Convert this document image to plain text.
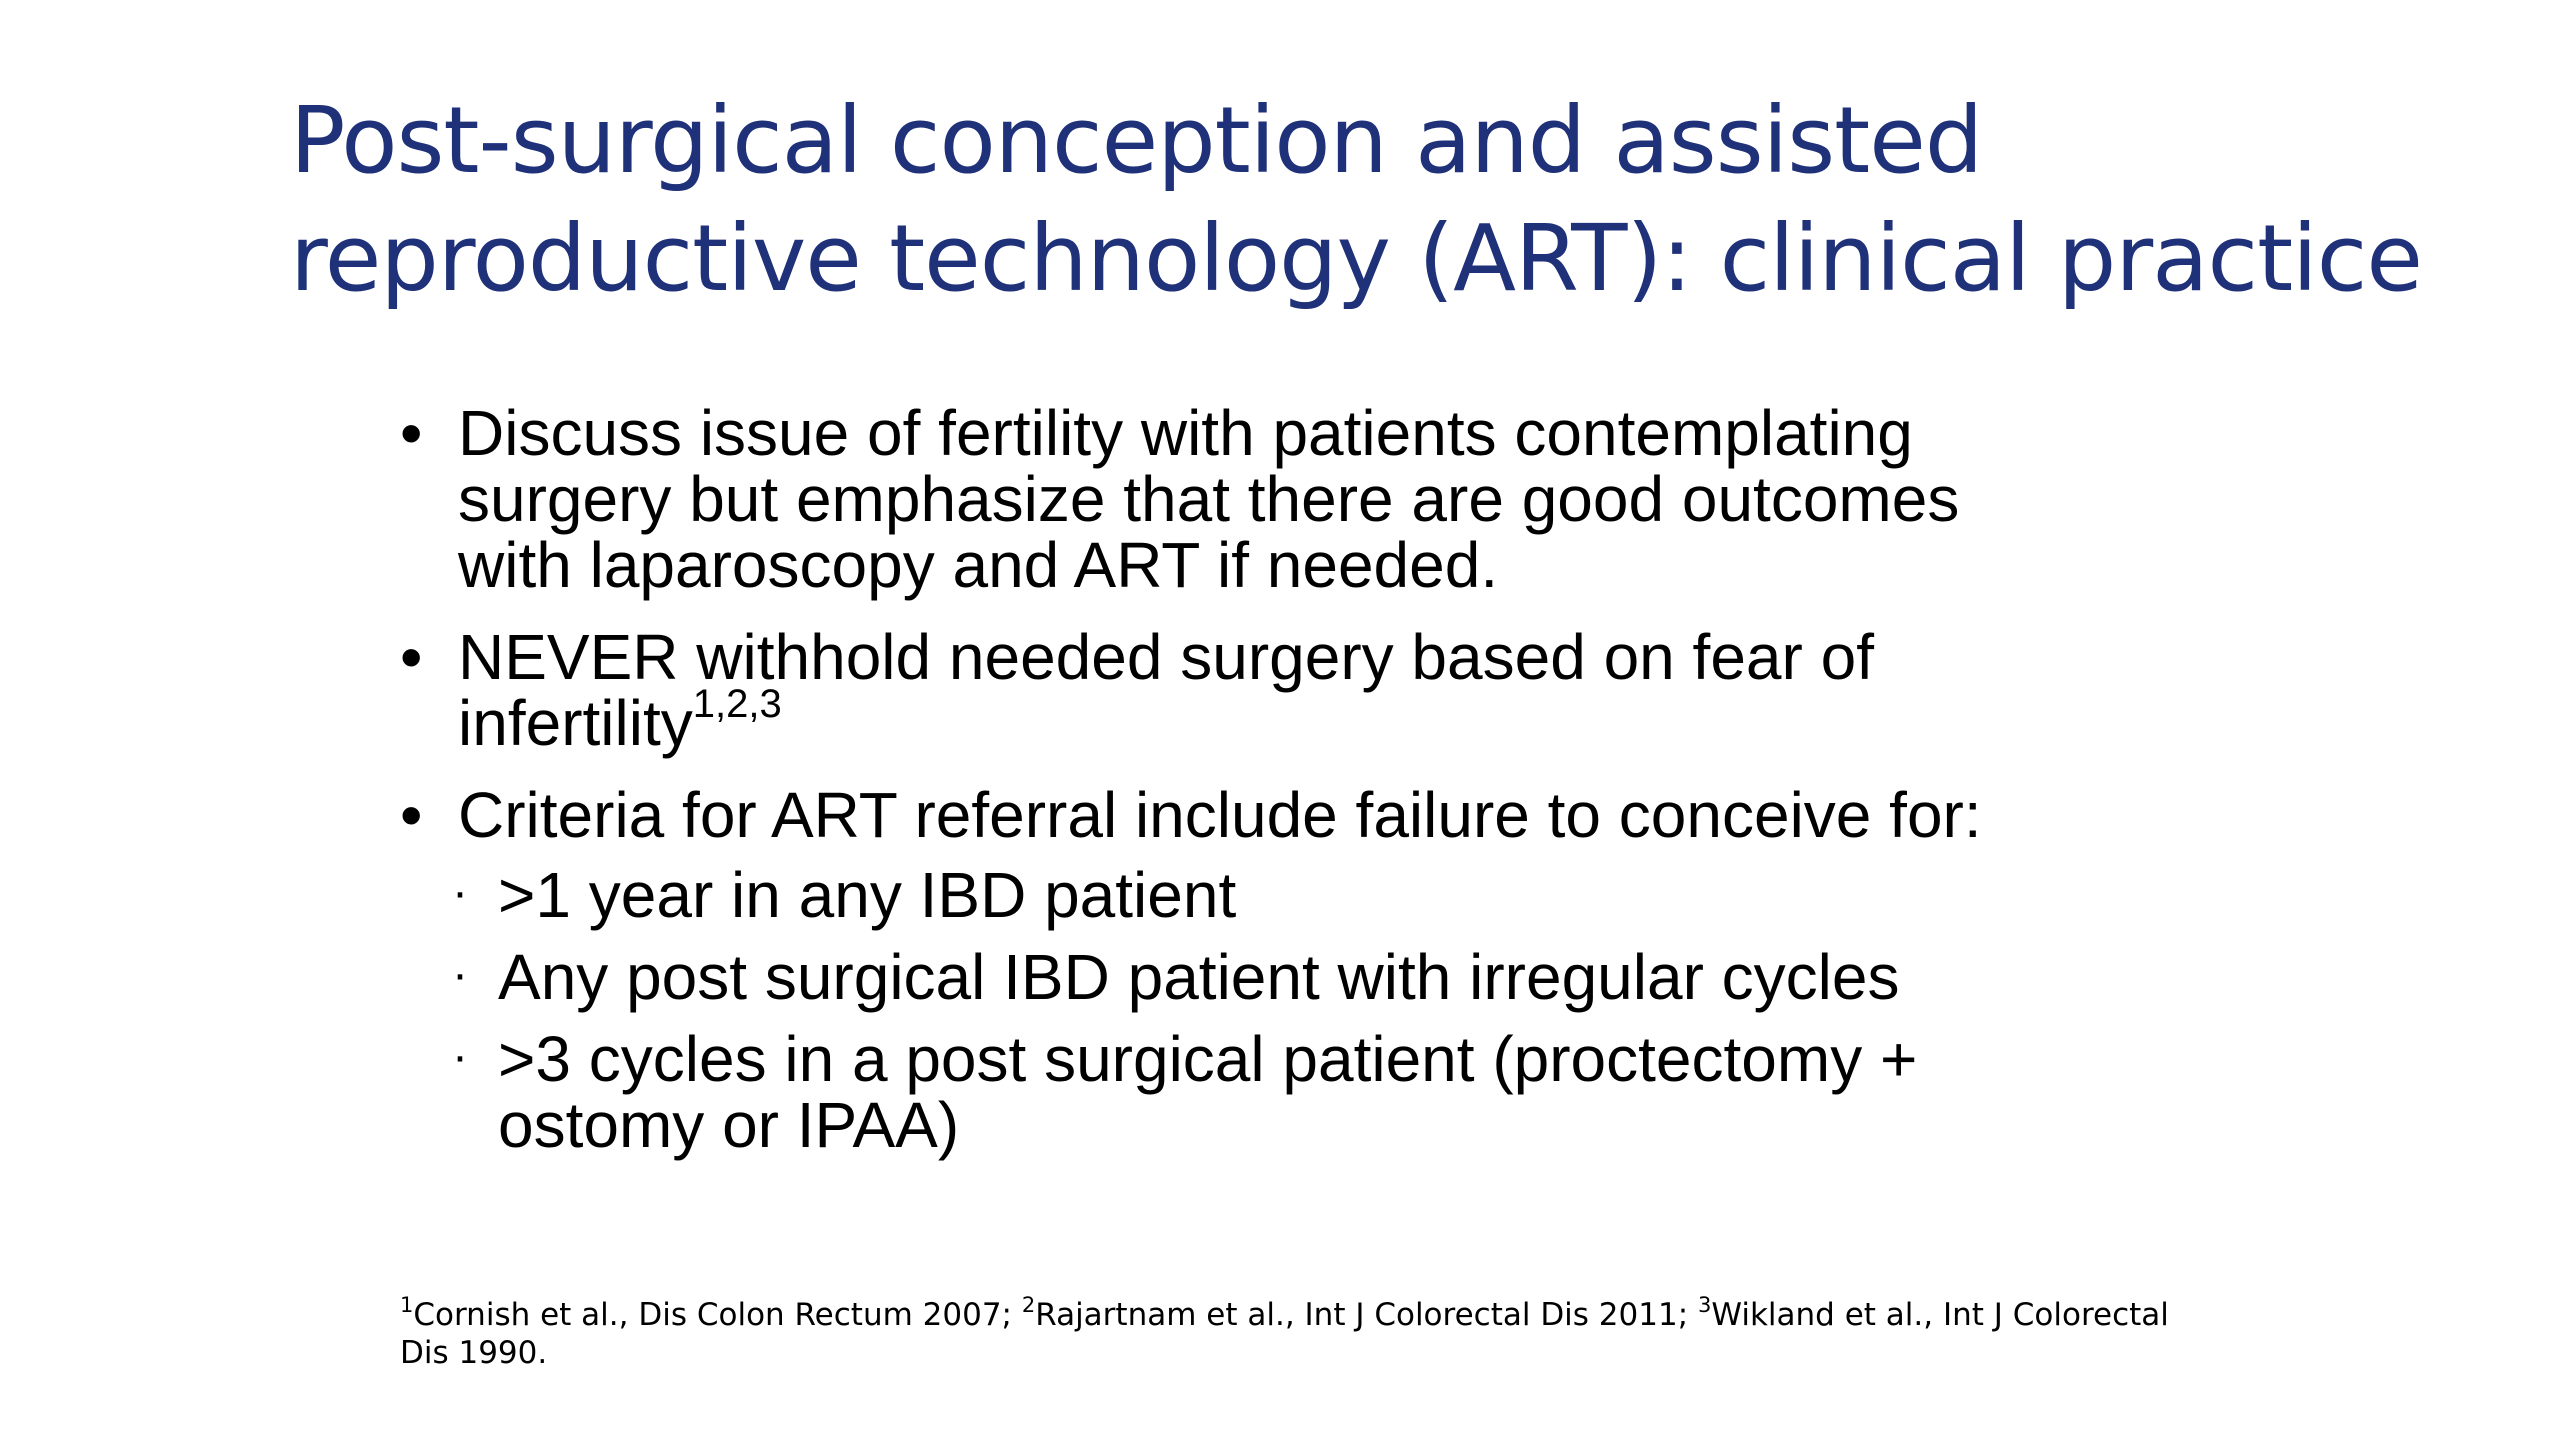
Post-surgical conception and assisted
reproductive technology (ART): clinical practice
• Discuss issue of fertility with patients contemplating
surgery but emphasize that there are good outcomes
with laparoscopy and ART if needed.
• NEVER withhold needed surgery based on fear of
infertility$^{1,2,3}$
• Criteria for ART referral include failure to conceive for:
· >1 year in any IBD patient
· Any post surgical IBD patient with irregular cycles
· >3 cycles in a post surgical patient (proctectomy +
ostomy or IPAA)

$^1$Cornish et al., Dis Colon Rectum 2007; $^2$Rajartnam et al., Int J Colorectal Dis 2011; $^3$Wikland et al., Int J Colorectal
Dis 1990.
